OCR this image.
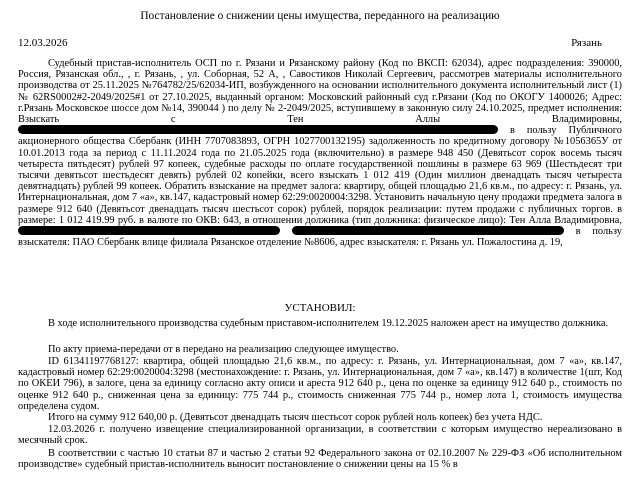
Постановление о снижении цены имущества, переданного на реализацию
12.03.2026	Рязань
Судебный пристав-исполнитель ОСП по г. Рязани и Рязанскому району (Код по ВКСП: 62034), адрес подразделения: 390000, Россия, Рязанская обл., , г. Рязань, , ул. Соборная, 52 А, , Савостиков Николай Сергеевич, рассмотрев материалы исполнительного производства от 25.11.2025 №764782/25/62034-ИП, возбужденного на основании исполнительного документа исполнительный лист (1) № 62RS0002#2-2049/2025#1 от 27.10.2025, выданный органом: Московский районный суд г.Рязани (Код по ОКОГУ 1400026; Адрес: г.Рязань Московское шоссе дом №14, 390044 ) по делу № 2-2049/2025, вступившему в законную силу 24.10.2025, предмет исполнения: Взыскать с	Тен Аллы Владимировны,  в пользу Публичного акционерного общества Сбербанк (ИНН 7707083893, ОГРН 1027700132195) задолженность по кредитному договору №1056365У от 10.01.2013 года за период с 11.11.2024 года по 21.05.2025 года (включительно) в размере 948 450 (Девятьсот сорок восемь тысяч четыреста пятьдесят) рублей 97 копеек, судебные расходы по оплате государственной пошлины в размере 63 969 (Шестьдесят три тысячи девятьсот шестьдесят девять) рублей 02 копейки, всего взыскать 1 012 419 (Один миллион двенадцать тысяч четыреста девятнадцать) рублей 99 копеек. Обратить взыскание на предмет залога: квартиру, общей площадью 21,6 кв.м., по адресу: г. Рязань, ул. Интернациональная, дом 7 «а», кв.147, кадастровый номер 62:29:0020004:3298. Установить начальную цену продажи предмета залога в размере 912 640 (Девятьсот двенадцать тысяч шестьсот сорок) рублей, порядок реализации: путем продажи с публичных торгов. в размере: 1 012 419.99 руб. в валюте по ОКВ: 643, в отношении должника (тип должника: физическое лицо): Тен Алла Владимировна,   в пользу взыскателя: ПАО Сбербанк влице филиала Рязанское отделение №8606, адрес взыскателя: г. Рязань ул. Пожалостина д. 19,
УСТАНОВИЛ:
В ходе исполнительного производства судебным приставом-исполнителем 19.12.2025 наложен арест на имущество должника.
По акту приема-передачи от в передано на реализацию следующее имущество.
ID 61341197768127: квартира, общей площадью 21,6 кв.м., по адресу: г. Рязань, ул. Интернациональная, дом 7 «а», кв.147, кадастровый номер 62:29:0020004:3298 (местонахождение: г. Рязань, ул. Интернациональная, дом 7 «а», кв.147) в количестве 1(шт, Код по ОКЕИ 796), в залоге, цена за единицу согласно акту описи и ареста 912 640 р., цена по оценке за единицу 912 640 р., стоимость по оценке 912 640 р., сниженная цена за единицу: 775 744 р., стоимость сниженная 775 744 р., номер лота 1, стоимость имущества определена судом.
Итого на сумму 912 640,00 р. (Девятьсот двенадцать тысяч шестьсот сорок рублей ноль копеек) без учета НДС.
12.03.2026 г. получено извещение специализированной организации, в соответствии с которым имущество нереализовано в месячный срок.
В соответствии с частью 10 статьи 87 и частью 2 статьи 92 Федерального закона от 02.10.2007 № 229-ФЗ «Об исполнительном производстве» судебный пристав-исполнитель выносит постановление о снижении цены на 15 % в
